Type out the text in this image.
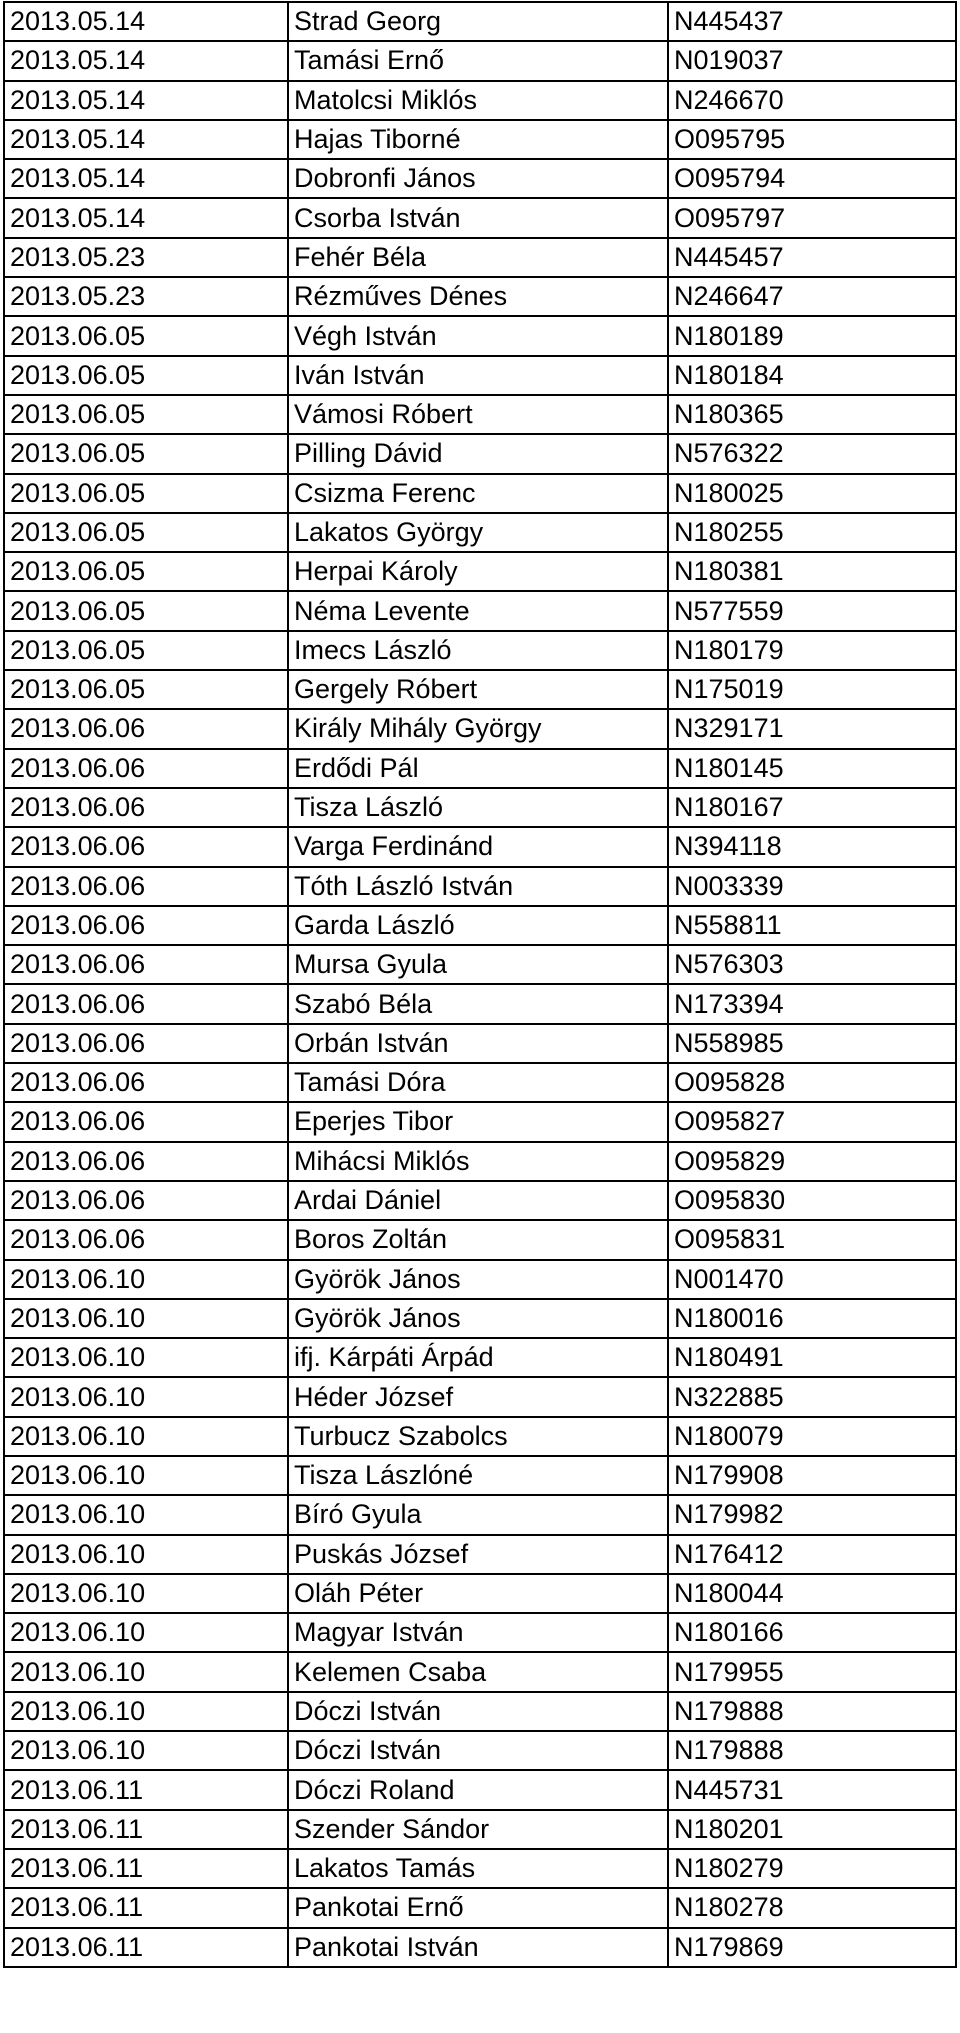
2013.05.14	Strad Georg	N445437
2013.05.14	Tamási Ernő	N019037
2013.05.14	Matolcsi Miklós	N246670
2013.05.14	Hajas Tiborné	O095795
2013.05.14	Dobronfi János	O095794
2013.05.14	Csorba István	O095797
2013.05.23	Fehér Béla	N445457
2013.05.23	Rézműves Dénes	N246647
2013.06.05	Végh István	N180189
2013.06.05	Iván István	N180184
2013.06.05	Vámosi Róbert	N180365
2013.06.05	Pilling Dávid	N576322
2013.06.05	Csizma Ferenc	N180025
2013.06.05	Lakatos György	N180255
2013.06.05	Herpai Károly	N180381
2013.06.05	Néma Levente	N577559
2013.06.05	Imecs László	N180179
2013.06.05	Gergely Róbert	N175019
2013.06.06	Király Mihály György	N329171
2013.06.06	Erdődi Pál	N180145
2013.06.06	Tisza László	N180167
2013.06.06	Varga Ferdinánd	N394118
2013.06.06	Tóth László István	N003339
2013.06.06	Garda László	N558811
2013.06.06	Mursa Gyula	N576303
2013.06.06	Szabó Béla	N173394
2013.06.06	Orbán István	N558985
2013.06.06	Tamási Dóra	O095828
2013.06.06	Eperjes Tibor	O095827
2013.06.06	Mihácsi Miklós	O095829
2013.06.06	Ardai Dániel	O095830
2013.06.06	Boros Zoltán	O095831
2013.06.10	Györök János	N001470
2013.06.10	Györök János	N180016
2013.06.10	ifj. Kárpáti Árpád	N180491
2013.06.10	Héder József	N322885
2013.06.10	Turbucz Szabolcs	N180079
2013.06.10	Tisza Lászlóné	N179908
2013.06.10	Bíró Gyula	N179982
2013.06.10	Puskás József	N176412
2013.06.10	Oláh Péter	N180044
2013.06.10	Magyar István	N180166
2013.06.10	Kelemen Csaba	N179955
2013.06.10	Dóczi István	N179888
2013.06.10	Dóczi István	N179888
2013.06.11	Dóczi Roland	N445731
2013.06.11	Szender Sándor	N180201
2013.06.11	Lakatos Tamás	N180279
2013.06.11	Pankotai Ernő	N180278
2013.06.11	Pankotai István	N179869
